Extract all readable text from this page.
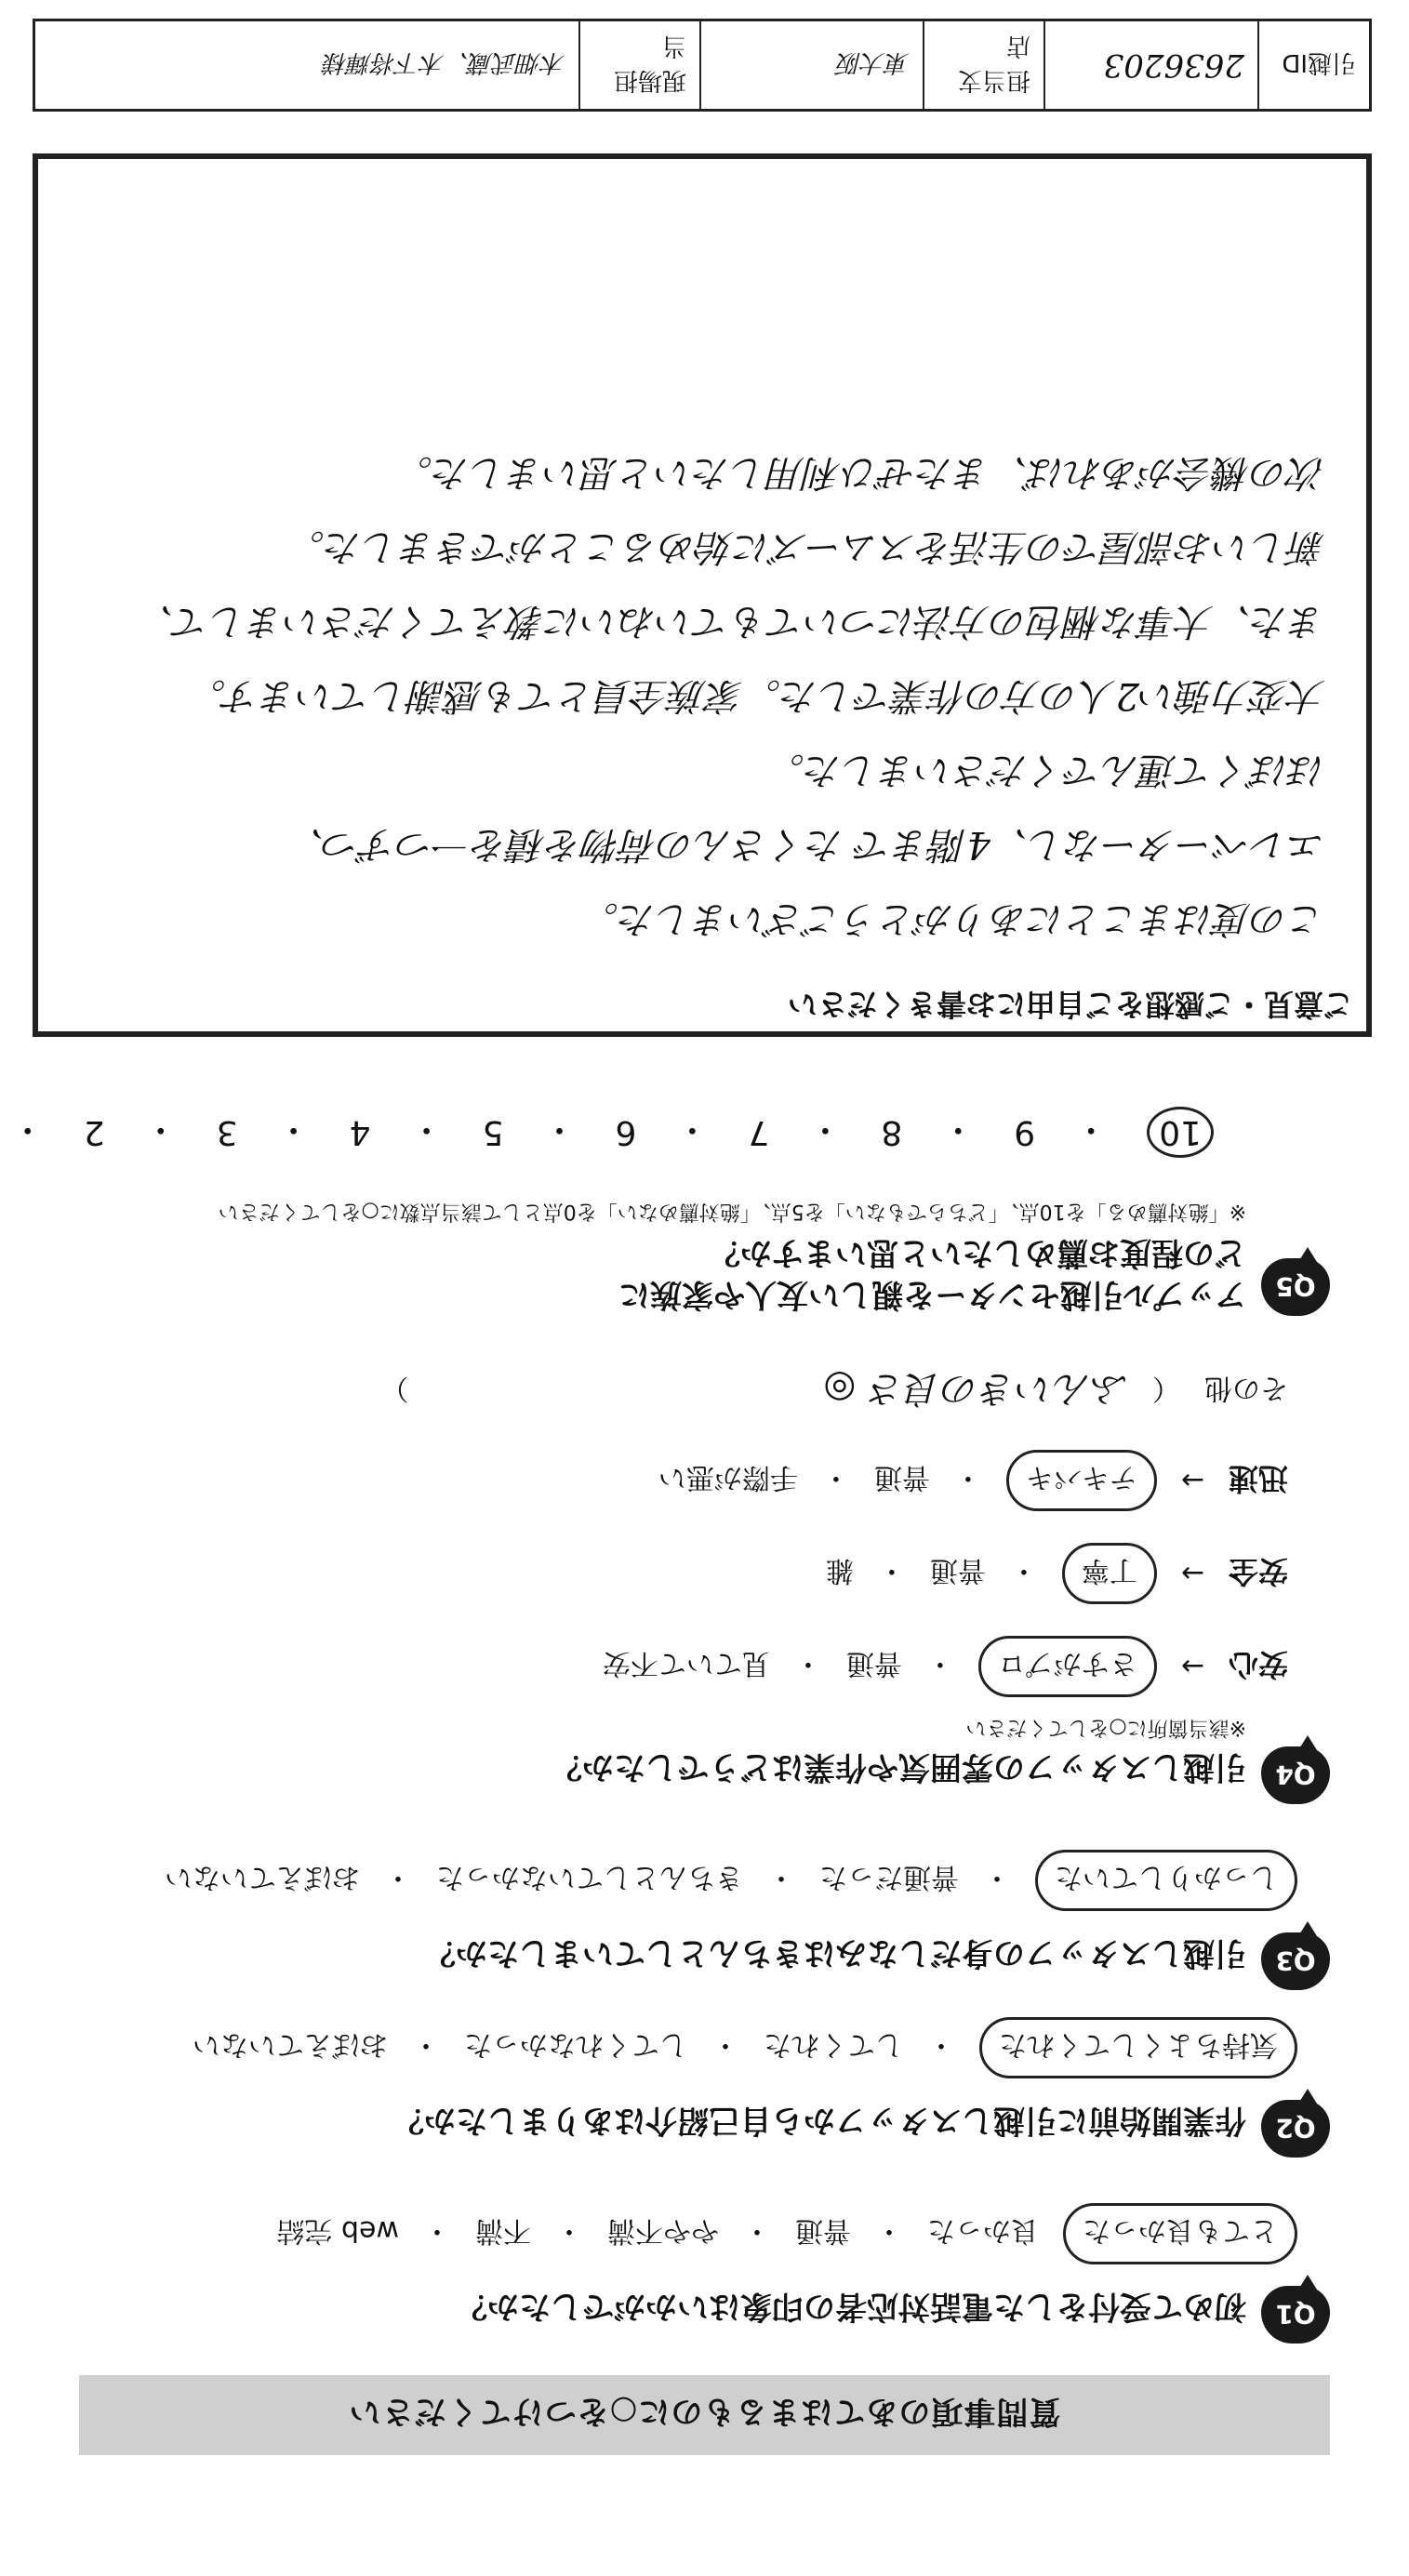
質問事項のあてはまるものに○をつけてください
Q1
初めて受付をした電話対応者の印象はいかがでしたか？
とても良かった
良かった
・
普通
・
やや不満
・
不満
・
web 完結
Q2
作業開始前に引越しスタッフから自己紹介はありましたか？
気持ちよくしてくれた
・
してくれた
・
してくれなかった
・
おぼえていない
Q3
引越しスタッフの身だしなみはきちんとしていましたか？
しっかりしていた
・
普通だった
・
きちんとしていなかった
・
おぼえていない
Q4
引越しスタッフの雰囲気や作業はどうでしたか？
※該当箇所に○をしてください
安心
→
さすがプロ
・
普通
・
見ていて不安
安全
→
丁寧
・
普通
・
雑
迅速
→
テキパキ
・
普通
・
手際が悪い
その他
（
ふんいきの良さ ◎
）
Q5
アップル引越センターを親しい友人や家族に
どの程度お薦めしたいと思いますか？
※「絶対薦める」を10点、「どちらでもない」を5点、「絶対薦めない」を0点として該当点数に○をしてください
10
・
9
・
8
・
7
・
6
・
5
・
4
・
3
・
2
・
ご意見・ご感想をご自由にお書きください
この度はまことにありがとうございました。
エレベーターなし、4階まで たくさんの荷物を積を一つずつ、
ほぼくて運んでくださいました。
大変力強い2人の方の作業でした。家族全員とても感謝しています。
また、大事な梱包の方法についてもていねいに教えてくださいまして、
新しいお部屋での生活をスムーズに始めることができました。
次の機会があれば、またぜひ利用したいと思いました。
引越ID
2636203
担当支店
東大阪
現場担当
木畑武蔵、木下将輝様
